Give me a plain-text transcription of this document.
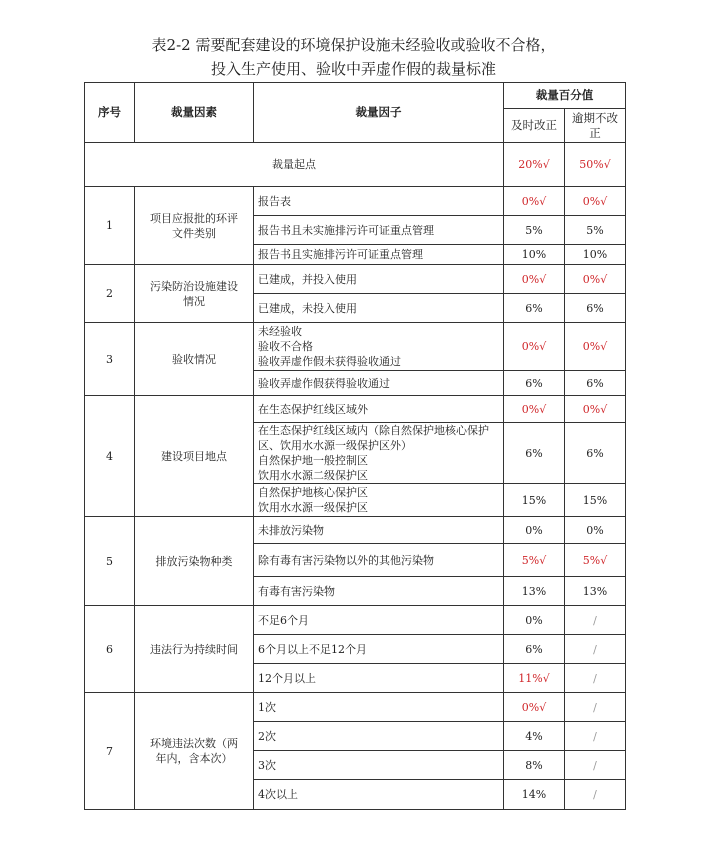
表2-2 需要配套建设的环境保护设施未经验收或验收不合格，
投入生产使用、验收中弄虚作假的裁量标准
序号	裁量因素	裁量因子	裁量百分值	
			及时改正	逾期不改正
裁量起点			20%√	50%√
1	项目应报批的环评文件类别	报告表	0%√	0%√
		报告书且未实施排污许可证重点管理	5%	5%
		报告书且实施排污许可证重点管理	10%	10%
2	污染防治设施建设情况	已建成，并投入使用	0%√	0%√
		已建成，未投入使用	6%	6%
3	验收情况	未经验收
验收不合格
验收弄虚作假未获得验收通过	0%√	0%√
		验收弄虚作假获得验收通过	6%	6%
4	建设项目地点	在生态保护红线区域外	0%√	0%√
		在生态保护红线区域内（除自然保护地核心保护区、饮用水水源一级保护区外）
自然保护地一般控制区
饮用水水源二级保护区	6%	6%
		自然保护地核心保护区
饮用水水源一级保护区	15%	15%
5	排放污染物种类	未排放污染物	0%	0%
		除有毒有害污染物以外的其他污染物	5%√	5%√
		有毒有害污染物	13%	13%
6	违法行为持续时间	不足6个月	0%	/
		6个月以上不足12个月	6%	/
		12个月以上	11%√	/
7	环境违法次数（两年内，含本次）	1次	0%√	/
		2次	4%	/
		3次	8%	/
		4次以上	14%	/
